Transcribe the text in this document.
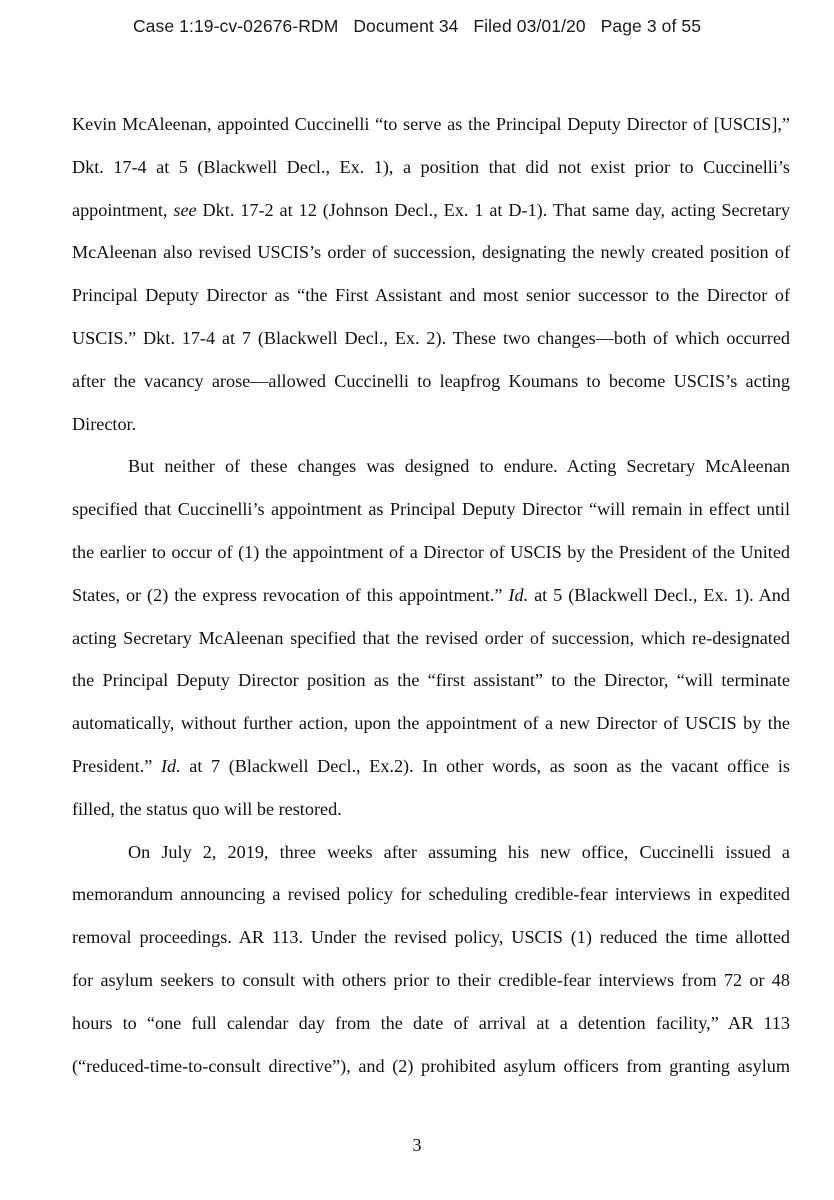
Case 1:19-cv-02676-RDM Document 34 Filed 03/01/20 Page 3 of 55
Kevin McAleenan, appointed Cuccinelli “to serve as the Principal Deputy Director of [USCIS],”
Dkt. 17-4 at 5 (Blackwell Decl., Ex. 1), a position that did not exist prior to Cuccinelli’s
appointment, see Dkt. 17-2 at 12 (Johnson Decl., Ex. 1 at D-1). That same day, acting Secretary
McAleenan also revised USCIS’s order of succession, designating the newly created position of
Principal Deputy Director as “the First Assistant and most senior successor to the Director of
USCIS.” Dkt. 17-4 at 7 (Blackwell Decl., Ex. 2). These two changes—both of which occurred
after the vacancy arose—allowed Cuccinelli to leapfrog Koumans to become USCIS’s acting
Director.
But neither of these changes was designed to endure. Acting Secretary McAleenan
specified that Cuccinelli’s appointment as Principal Deputy Director “will remain in effect until
the earlier to occur of (1) the appointment of a Director of USCIS by the President of the United
States, or (2) the express revocation of this appointment.” Id. at 5 (Blackwell Decl., Ex. 1). And
acting Secretary McAleenan specified that the revised order of succession, which re-designated
the Principal Deputy Director position as the “first assistant” to the Director, “will terminate
automatically, without further action, upon the appointment of a new Director of USCIS by the
President.” Id. at 7 (Blackwell Decl., Ex.2). In other words, as soon as the vacant office is
filled, the status quo will be restored.
On July 2, 2019, three weeks after assuming his new office, Cuccinelli issued a
memorandum announcing a revised policy for scheduling credible-fear interviews in expedited
removal proceedings. AR 113. Under the revised policy, USCIS (1) reduced the time allotted
for asylum seekers to consult with others prior to their credible-fear interviews from 72 or 48
hours to “one full calendar day from the date of arrival at a detention facility,” AR 113
(“reduced-time-to-consult directive”), and (2) prohibited asylum officers from granting asylum
3
